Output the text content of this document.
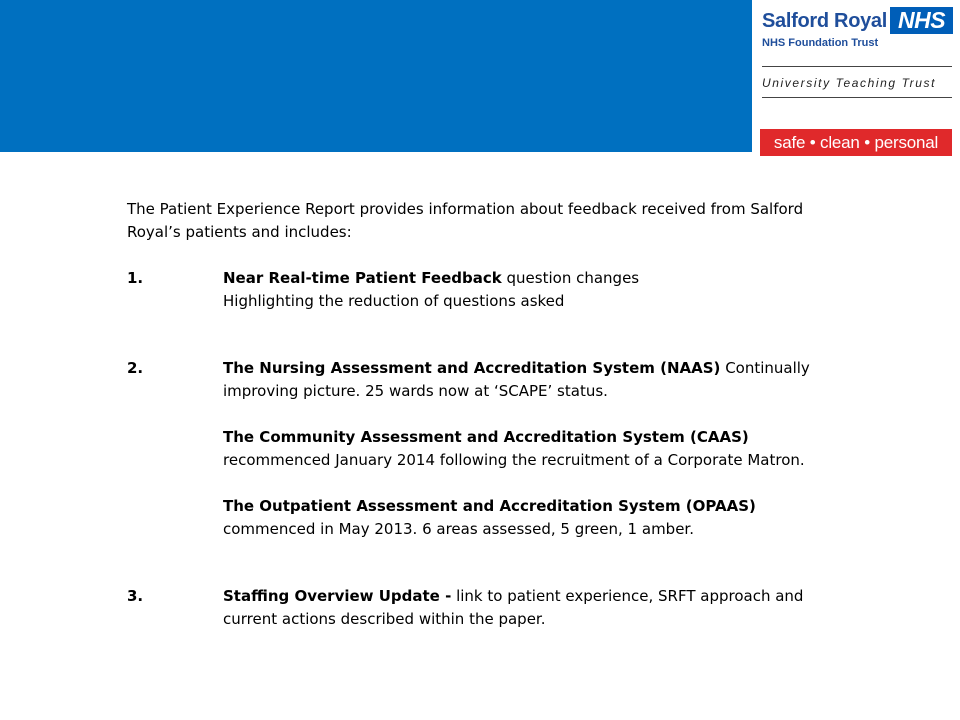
Salford Royal NHS
NHS Foundation Trust
University Teaching Trust
safe • clean • personal

The Patient Experience Report provides information about feedback received from Salford Royal’s patients and includes:

1.	Near Real-time Patient Feedback question changes

Highlighting the reduction of questions asked

2.	The Nursing Assessment and Accreditation System (NAAS) Continually improving picture. 25 wards now at ‘SCAPE’ status.

The Community Assessment and Accreditation System (CAAS) recommenced January 2014 following the recruitment of a Corporate Matron.

The Outpatient Assessment and Accreditation System (OPAAS) commenced in May 2013. 6 areas assessed, 5 green, 1 amber.

3.	Staffing Overview Update - link to patient experience, SRFT approach and current actions described within the paper.
